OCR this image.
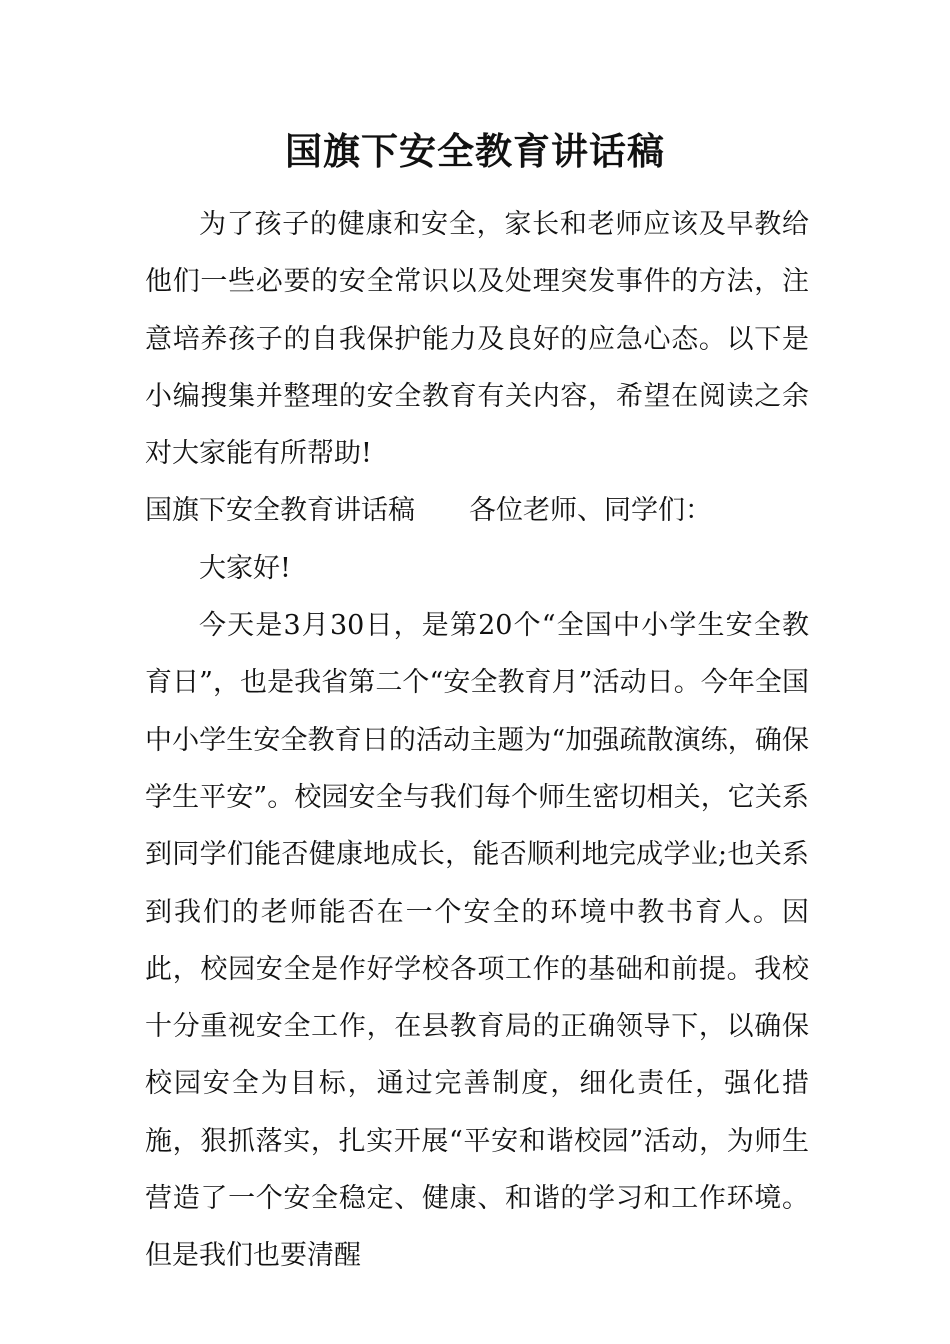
国旗下安全教育讲话稿

为了孩子的健康和安全，家长和老师应该及早教给他们一些必要的安全常识以及处理突发事件的方法，注意培养孩子的自我保护能力及良好的应急心态。以下是小编搜集并整理的安全教育有关内容，希望在阅读之余对大家能有所帮助!

国旗下安全教育讲话稿 各位老师、同学们：

大家好!

今天是3月30日，是第20个“全国中小学生安全教育日”，也是我省第二个“安全教育月”活动日。今年全国中小学生安全教育日的活动主题为“加强疏散演练，确保学生平安”。校园安全与我们每个师生密切相关，它关系到同学们能否健康地成长，能否顺利地完成学业;也关系到我们的老师能否在一个安全的环境中教书育人。因此，校园安全是作好学校各项工作的基础和前提。我校十分重视安全工作，在县教育局的正确领导下，以确保校园安全为目标，通过完善制度，细化责任，强化措施，狠抓落实，扎实开展“平安和谐校园”活动，为师生营造了一个安全稳定、健康、和谐的学习和工作环境。但是我们也要清醒
